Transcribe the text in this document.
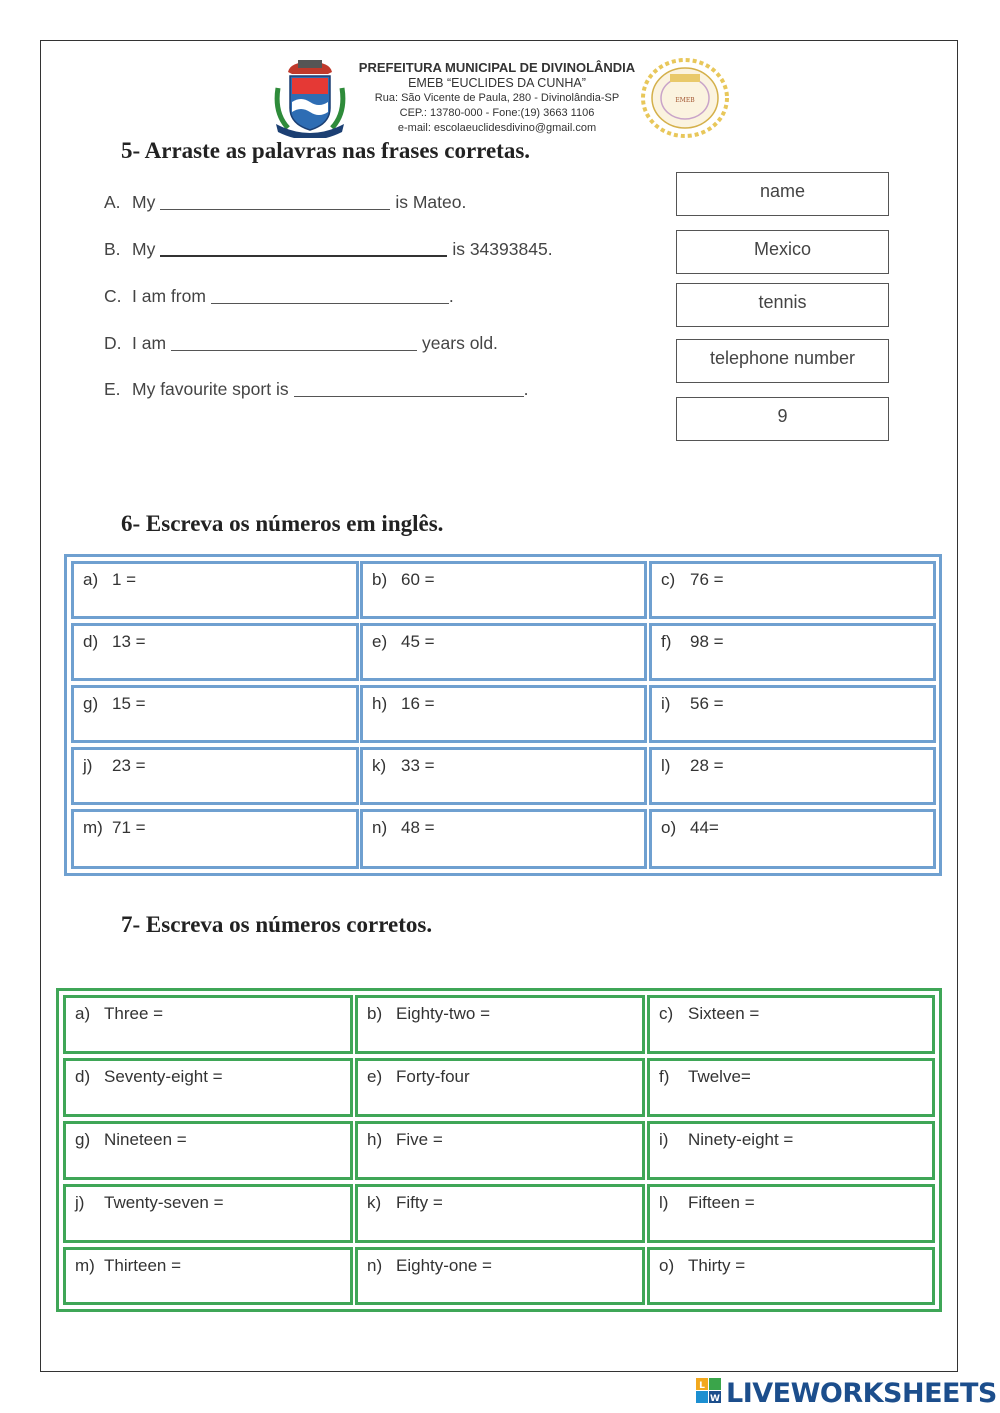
PREFEITURA MUNICIPAL DE DIVINOLÂNDIA
EMEB “EUCLIDES DA CUNHA”
Rua: São Vicente de Paula, 280 - Divinolândia-SP
CEP.: 13780-000 - Fone:(19) 3663 1106
e-mail: escolaeuclidesdivino@gmail.com
EMEB
5- Arraste as palavras nas frases corretas.
A. My	is Mateo.
B. My	is 34393845.
C. I am from	.
D. I am	years old.
E. My favourite sport is	.
name
Mexico
tennis
telephone number
9
6- Escreva os números em inglês.
a) 1 =	b) 60 =	c) 76 =
d) 13 =	e) 45 =	f) 98 =
g) 15 =	h) 16 =	i) 56 =
j) 23 =	k) 33 =	l) 28 =
m) 71 =	n) 48 =	o) 44=
7- Escreva os números corretos.
a) Three =	b) Eighty-two =	c) Sixteen =
d) Seventy-eight =	e) Forty-four	f) Twelve=
g) Nineteen =	h) Five =	i) Ninety-eight =
j) Twenty-seven =	k) Fifty =	l) Fifteen =
m) Thirteen =	n) Eighty-one =	o) Thirty =
L
W LIVEWORKSHEETS
